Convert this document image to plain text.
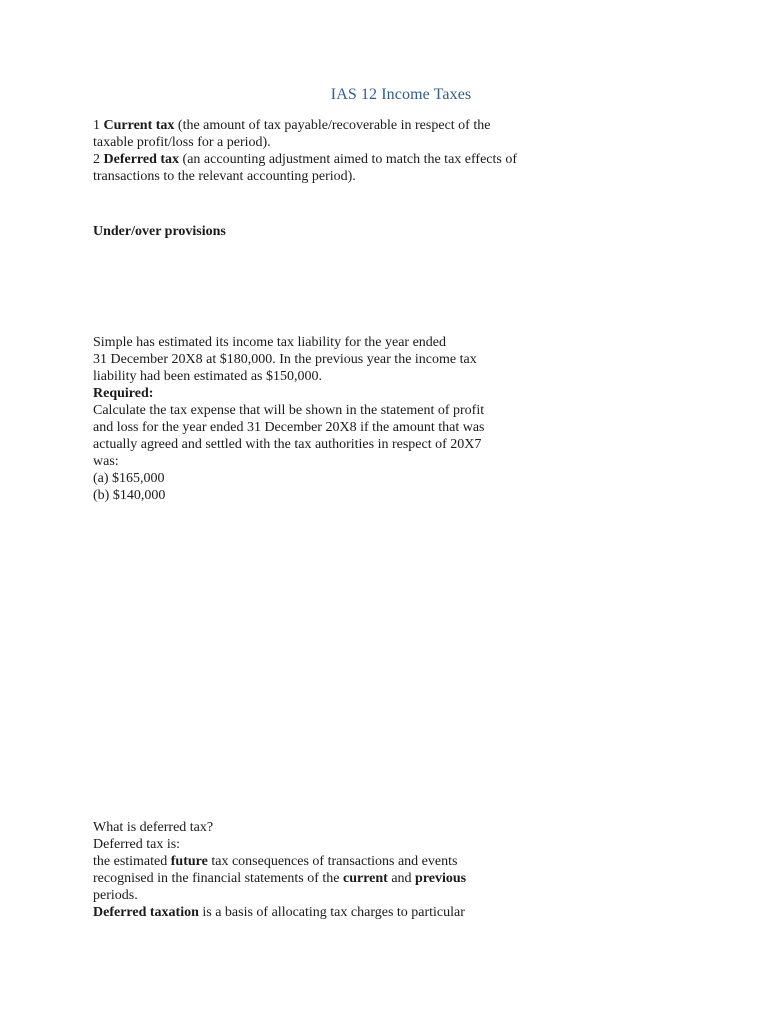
IAS 12 Income Taxes
1 Current tax (the amount of tax payable/recoverable in respect of the
taxable profit/loss for a period).
2 Deferred tax (an accounting adjustment aimed to match the tax effects of
transactions to the relevant accounting period).
Under/over provisions
Simple has estimated its income tax liability for the year ended
31 December 20X8 at $180,000. In the previous year the income tax
liability had been estimated as $150,000.
Required:
Calculate the tax expense that will be shown in the statement of profit
and loss for the year ended 31 December 20X8 if the amount that was
actually agreed and settled with the tax authorities in respect of 20X7
was:
(a) $165,000
(b) $140,000
What is deferred tax?
Deferred tax is:
the estimated future tax consequences of transactions and events
recognised in the financial statements of the current and previous
periods.
Deferred taxation is a basis of allocating tax charges to particular
